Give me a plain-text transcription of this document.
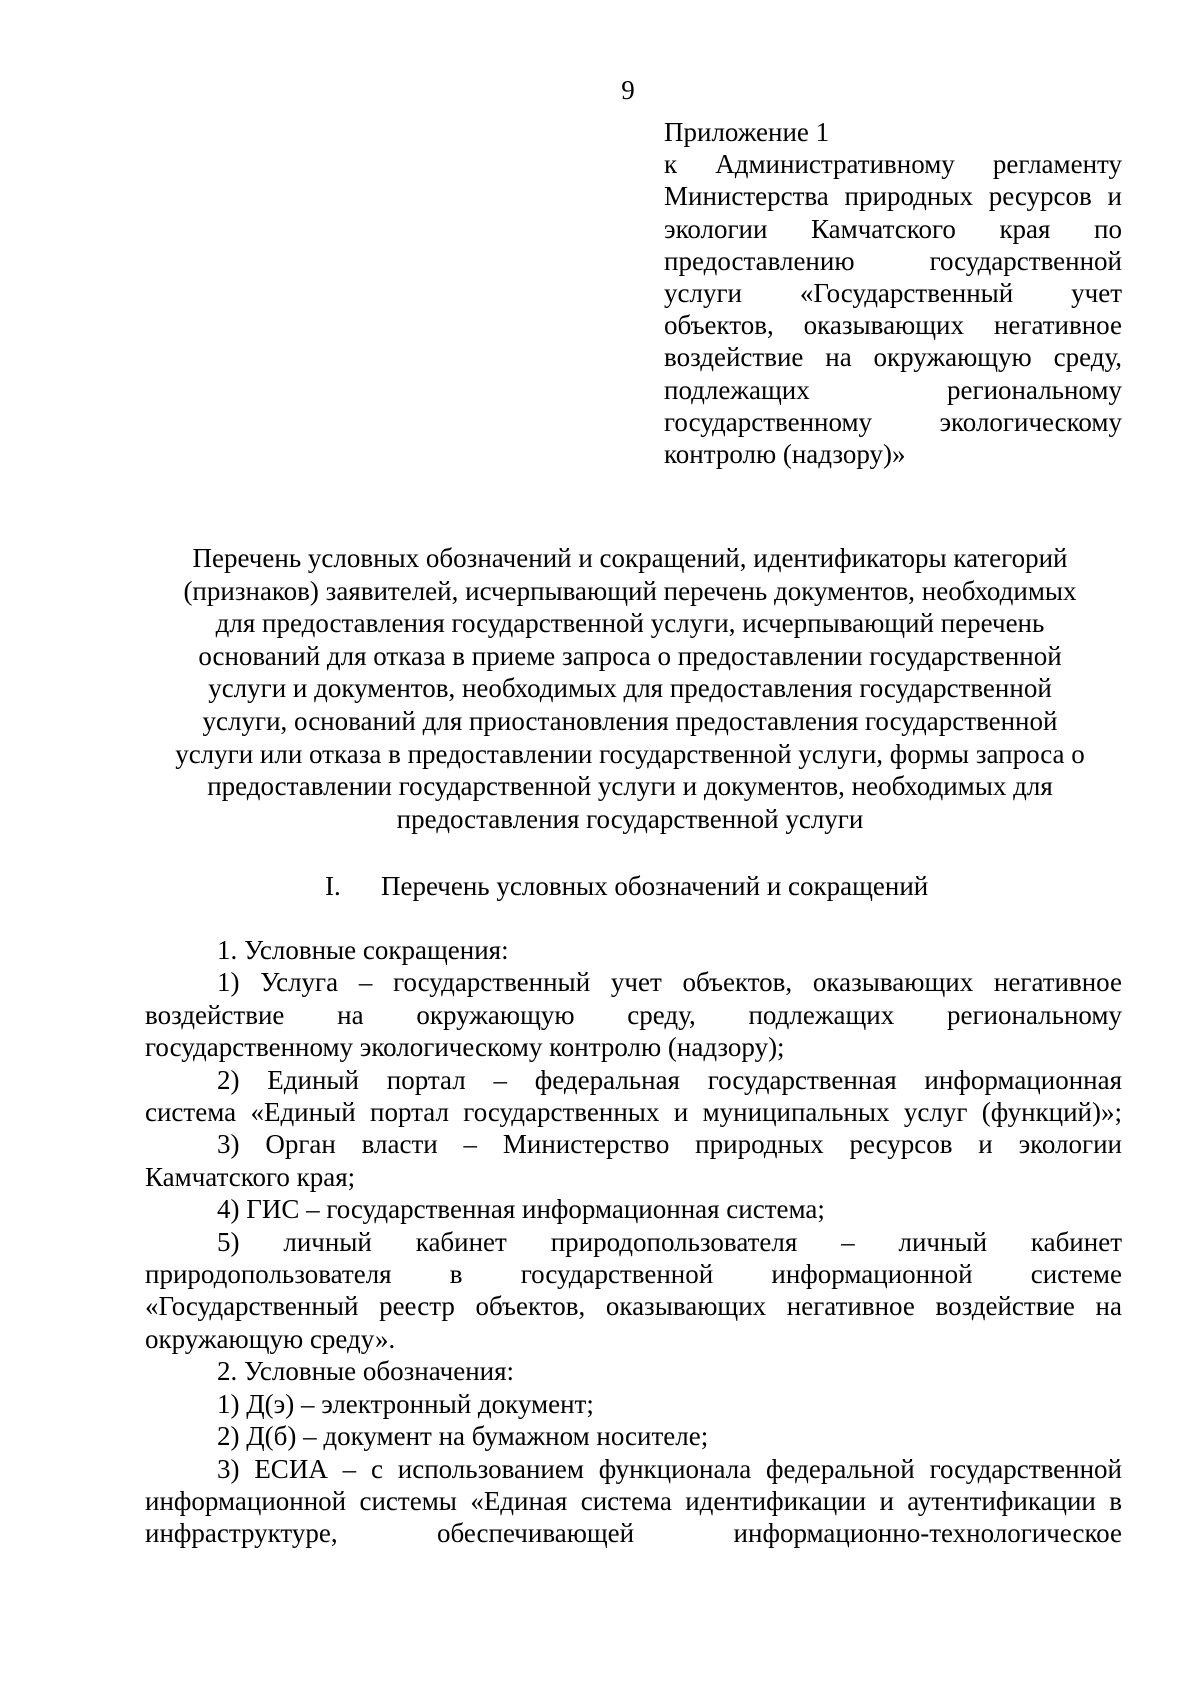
9
Приложение 1
к Административному регламенту
Министерства природных ресурсов и
экологии Камчатского края по
предоставлению государственной
услуги «Государственный учет
объектов, оказывающих негативное
воздействие на окружающую среду,
подлежащих региональному
государственному экологическому
контролю (надзору)»
Перечень условных обозначений и сокращений, идентификаторы категорий
(признаков) заявителей, исчерпывающий перечень документов, необходимых
для предоставления государственной услуги, исчерпывающий перечень
оснований для отказа в приеме запроса о предоставлении государственной
услуги и документов, необходимых для предоставления государственной
услуги, оснований для приостановления предоставления государственной
услуги или отказа в предоставлении государственной услуги, формы запроса о
предоставлении государственной услуги и документов, необходимых для
предоставления государственной услуги
I. Перечень условных обозначений и сокращений
1. Условные сокращения:
1) Услуга – государственный учет объектов, оказывающих негативное
воздействие на окружающую среду, подлежащих региональному
государственному экологическому контролю (надзору);
2) Единый портал – федеральная государственная информационная
система «Единый портал государственных и муниципальных услуг (функций)»;
3) Орган власти – Министерство природных ресурсов и экологии
Камчатского края;
4) ГИС – государственная информационная система;
5) личный кабинет природопользователя – личный кабинет
природопользователя в государственной информационной системе
«Государственный реестр объектов, оказывающих негативное воздействие на
окружающую среду».
2. Условные обозначения:
1) Д(э) – электронный документ;
2) Д(б) – документ на бумажном носителе;
3) ЕСИА – с использованием функционала федеральной государственной
информационной системы «Единая система идентификации и аутентификации в
инфраструктуре, обеспечивающей информационно-технологическое
